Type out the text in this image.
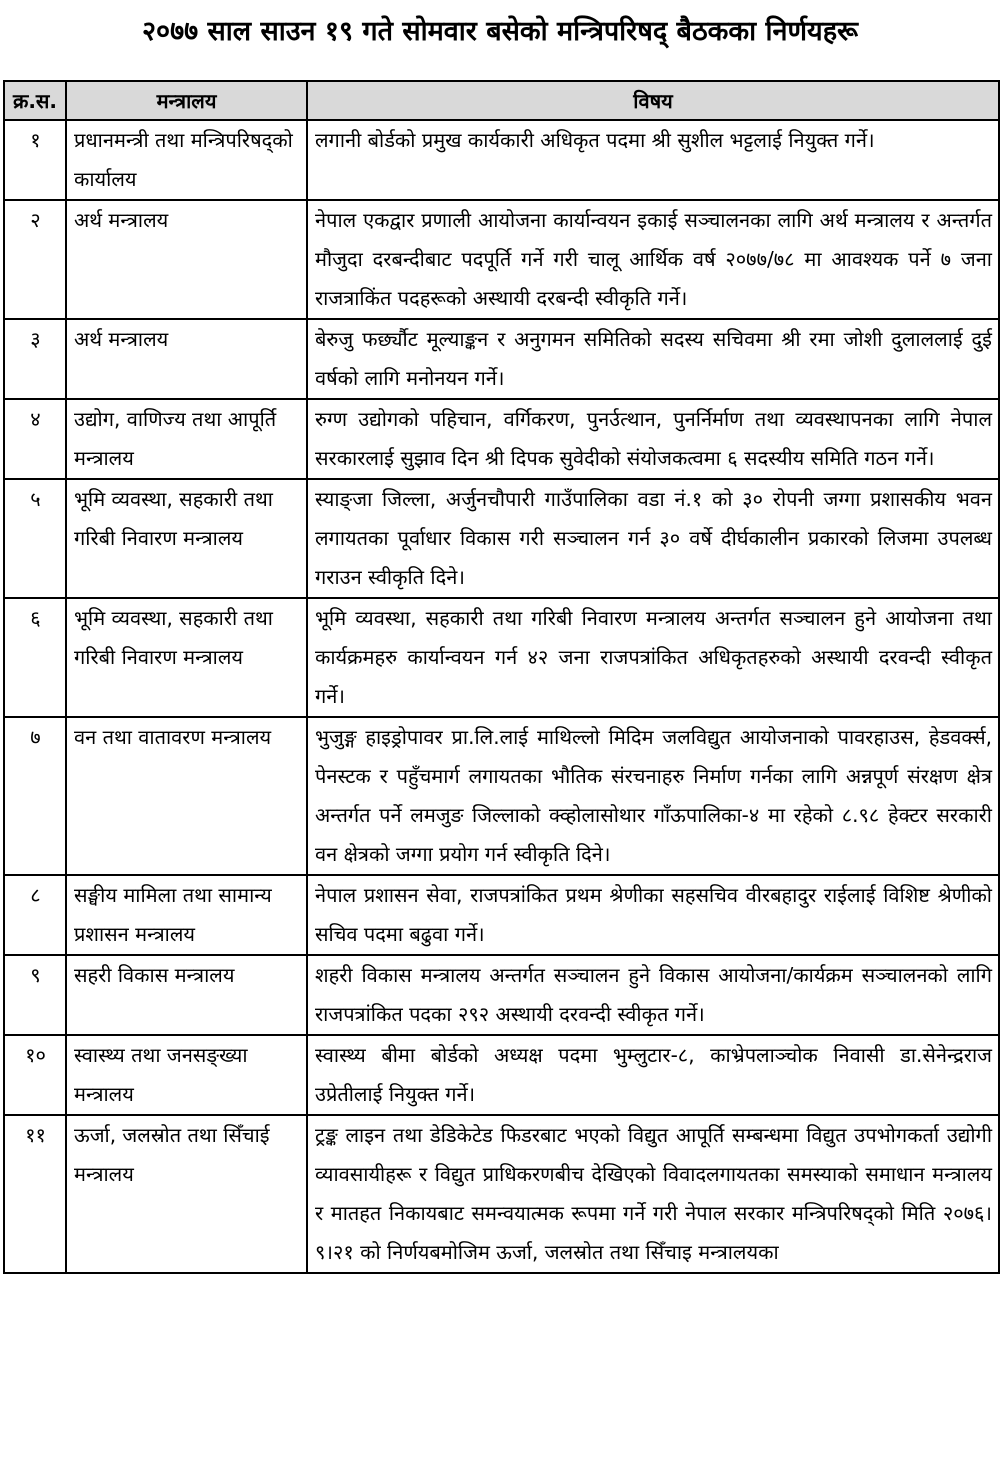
२०७७ साल साउन १९ गते सोमवार बसेको मन्त्रिपरिषद् बैठकका निर्णयहरू
क्र.स.	मन्त्रालय	विषय
१	प्रधानमन्त्री तथा मन्त्रिपरिषद्को कार्यालय	लगानी बोर्डको प्रमुख कार्यकारी अधिकृत पदमा श्री सुशील भट्टलाई नियुक्त गर्ने।
२	अर्थ मन्त्रालय	नेपाल एकद्वार प्रणाली आयोजना कार्यान्वयन इकाई सञ्चालनका लागि अर्थ मन्त्रालय र अन्तर्गत मौजुदा दरबन्दीबाट पदपूर्ति गर्ने गरी चालू आर्थिक वर्ष २०७७/७८ मा आवश्यक पर्ने ७ जना राजत्राकिंत पदहरूको अस्थायी दरबन्दी स्वीकृति गर्ने।
३	अर्थ मन्त्रालय	बेरुजु फर्छ्यौट मूल्याङ्कन र अनुगमन समितिको सदस्य सचिवमा श्री रमा जोशी दुलाललाई दुई वर्षको लागि मनोनयन गर्ने।
४	उद्योग, वाणिज्य तथा आपूर्ति मन्त्रालय	रुग्ण उद्योगको पहिचान, वर्गिकरण, पुनर्उत्थान, पुनर्निर्माण तथा व्यवस्थापनका लागि नेपाल सरकारलाई सुझाव दिन श्री दिपक सुवेदीको संयोजकत्वमा ६ सदस्यीय समिति गठन गर्ने।
५	भूमि व्यवस्था, सहकारी तथा गरिबी निवारण मन्त्रालय	स्याङ्जा जिल्ला, अर्जुनचौपारी गाउँपालिका वडा नं.१ को ३० रोपनी जग्गा प्रशासकीय भवन लगायतका पूर्वाधार विकास गरी सञ्चालन गर्न ३० वर्षे दीर्घकालीन प्रकारको लिजमा उपलब्ध गराउन स्वीकृति दिने।
६	भूमि व्यवस्था, सहकारी तथा गरिबी निवारण मन्त्रालय	भूमि व्यवस्था, सहकारी तथा गरिबी निवारण मन्त्रालय अन्तर्गत सञ्चालन हुने आयोजना तथा कार्यक्रमहरु कार्यान्वयन गर्न ४२ जना राजपत्रांकित अधिकृतहरुको अस्थायी दरवन्दी स्वीकृत गर्ने।
७	वन तथा वातावरण मन्त्रालय	भुजुङ्ग हाइड्रोपावर प्रा.लि.लाई माथिल्लो मिदिम जलविद्युत आयोजनाको पावरहाउस, हेडवर्क्स, पेनस्टक र पहुँचमार्ग लगायतका भौतिक संरचनाहरु निर्माण गर्नका लागि अन्नपूर्ण संरक्षण क्षेत्र अन्तर्गत पर्ने लमजुङ जिल्लाको क्व्होलासोथार गाँऊपालिका-४ मा रहेको ८.९८ हेक्टर सरकारी वन क्षेत्रको जग्गा प्रयोग गर्न स्वीकृति दिने।
८	सङ्घीय मामिला तथा सामान्य प्रशासन मन्त्रालय	नेपाल प्रशासन सेवा, राजपत्रांकित प्रथम श्रेणीका सहसचिव वीरबहादुर राईलाई विशिष्ट श्रेणीको सचिव पदमा बढुवा गर्ने।
९	सहरी विकास मन्त्रालय	शहरी विकास मन्त्रालय अन्तर्गत सञ्चालन हुने विकास आयोजना/कार्यक्रम सञ्चालनको लागि राजपत्रांकित पदका २९२ अस्थायी दरवन्दी स्वीकृत गर्ने।
१०	स्वास्थ्य तथा जनसङ्ख्या मन्त्रालय	स्वास्थ्य बीमा बोर्डको अध्यक्ष पदमा भुम्लुटार-८, काभ्रेपलाञ्चोक निवासी डा.सेनेन्द्रराज उप्रेतीलाई नियुक्त गर्ने।
११	ऊर्जा, जलस्रोत तथा सिँचाई मन्त्रालय	ट्रङ्क लाइन तथा डेडिकेटेड फिडरबाट भएको विद्युत आपूर्ति सम्बन्धमा विद्युत उपभोगकर्ता उद्योगी व्यावसायीहरू र विद्युत प्राधिकरणबीच देखिएको विवादलगायतका समस्याको समाधान मन्त्रालय र मातहत निकायबाट समन्वयात्मक रूपमा गर्ने गरी नेपाल सरकार मन्त्रिपरिषद्को मिति २०७६।९।२१ को निर्णयबमोजिम ऊर्जा, जलस्रोत तथा सिँचाइ मन्त्रालयका
